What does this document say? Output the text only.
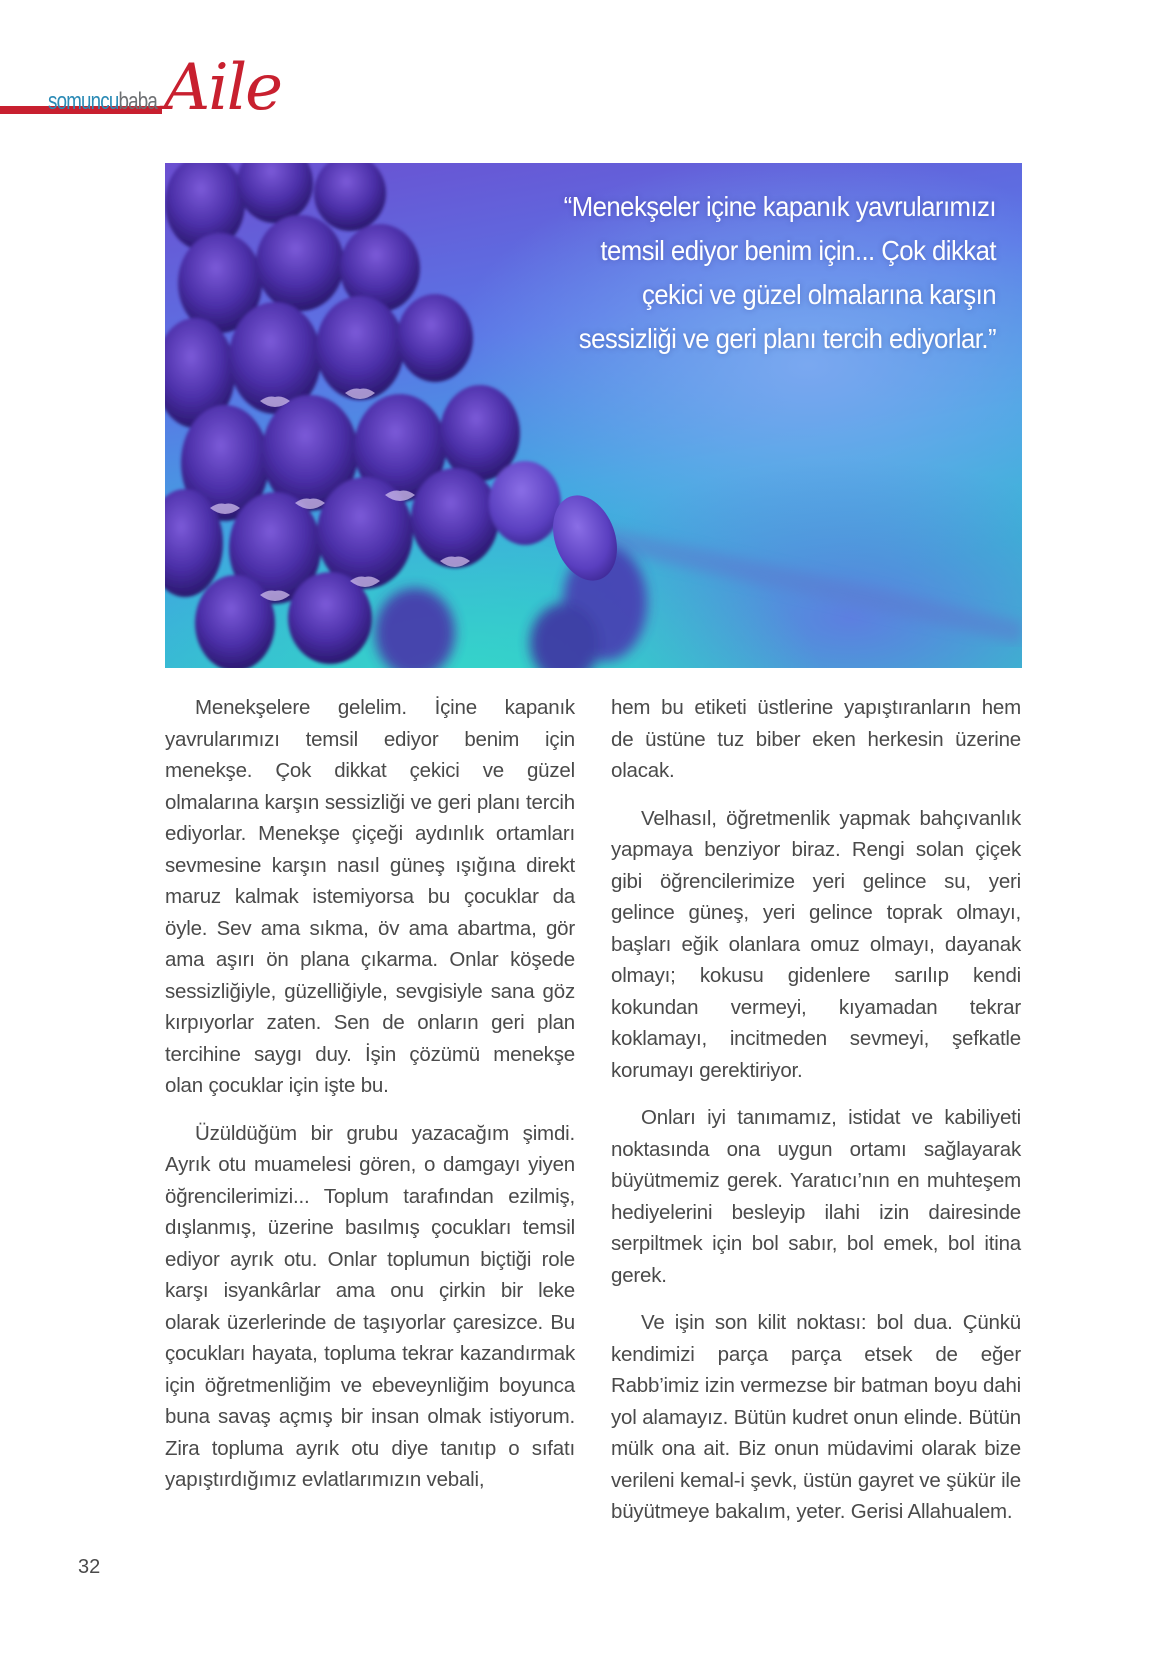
somuncu baba Aile
“Menekşeler içine kapanık yavrularımızı temsil ediyor benim için... Çok dikkat çekici ve güzel olmalarına karşın sessizliği ve geri planı tercih ediyorlar.”

Menekşelere gelelim. İçine kapanık yavrularımızı temsil ediyor benim için menekşe. Çok dikkat çekici ve güzel olmalarına karşın sessizliği ve geri planı tercih ediyorlar. Menekşe çiçeği aydınlık ortamları sevmesine karşın nasıl güneş ışığına direkt maruz kalmak istemiyorsa bu çocuklar da öyle. Sev ama sıkma, öv ama abartma, gör ama aşırı ön plana çıkarma. Onlar köşede sessizliğiyle, güzelliğiyle, sevgisiyle sana göz kırpıyorlar zaten. Sen de onların geri plan tercihine saygı duy. İşin çözümü menekşe olan çocuklar için işte bu.

Üzüldüğüm bir grubu yazacağım şimdi. Ayrık otu muamelesi gören, o damgayı yiyen öğrencilerimizi... Toplum tarafından ezilmiş, dışlanmış, üzerine basılmış çocukları temsil ediyor ayrık otu. Onlar toplumun biçtiği role karşı isyankârlar ama onu çirkin bir leke olarak üzerlerinde de taşıyorlar çaresizce. Bu çocukları hayata, topluma tekrar kazandırmak için öğretmenliğim ve ebeveynliğim boyunca buna savaş açmış bir insan olmak istiyorum. Zira topluma ayrık otu diye tanıtıp o sıfatı yapıştırdığımız evlatlarımızın vebali,

hem bu etiketi üstlerine yapıştıranların hem de üstüne tuz biber eken herkesin üzerine olacak.

Velhasıl, öğretmenlik yapmak bahçıvanlık yapmaya benziyor biraz. Rengi solan çiçek gibi öğrencilerimize yeri gelince su, yeri gelince güneş, yeri gelince toprak olmayı, başları eğik olanlara omuz olmayı, dayanak olmayı; kokusu gidenlere sarılıp kendi kokundan vermeyi, kıyamadan tekrar koklamayı, incitmeden sevmeyi, şefkatle korumayı gerektiriyor.

Onları iyi tanımamız, istidat ve kabiliyeti noktasında ona uygun ortamı sağlayarak büyütmemiz gerek. Yaratıcı’nın en muhteşem hediyelerini besleyip ilahi izin dairesinde serpiltmek için bol sabır, bol emek, bol itina gerek.

Ve işin son kilit noktası: bol dua. Çünkü kendimizi parça parça etsek de eğer Rabb’imiz izin vermezse bir batman boyu dahi yol alamayız. Bütün kudret onun elinde. Bütün mülk ona ait. Biz onun müdavimi olarak bize verileni kemal-i şevk, üstün gayret ve şükür ile büyütmeye bakalım, yeter. Gerisi Allahualem.

32
